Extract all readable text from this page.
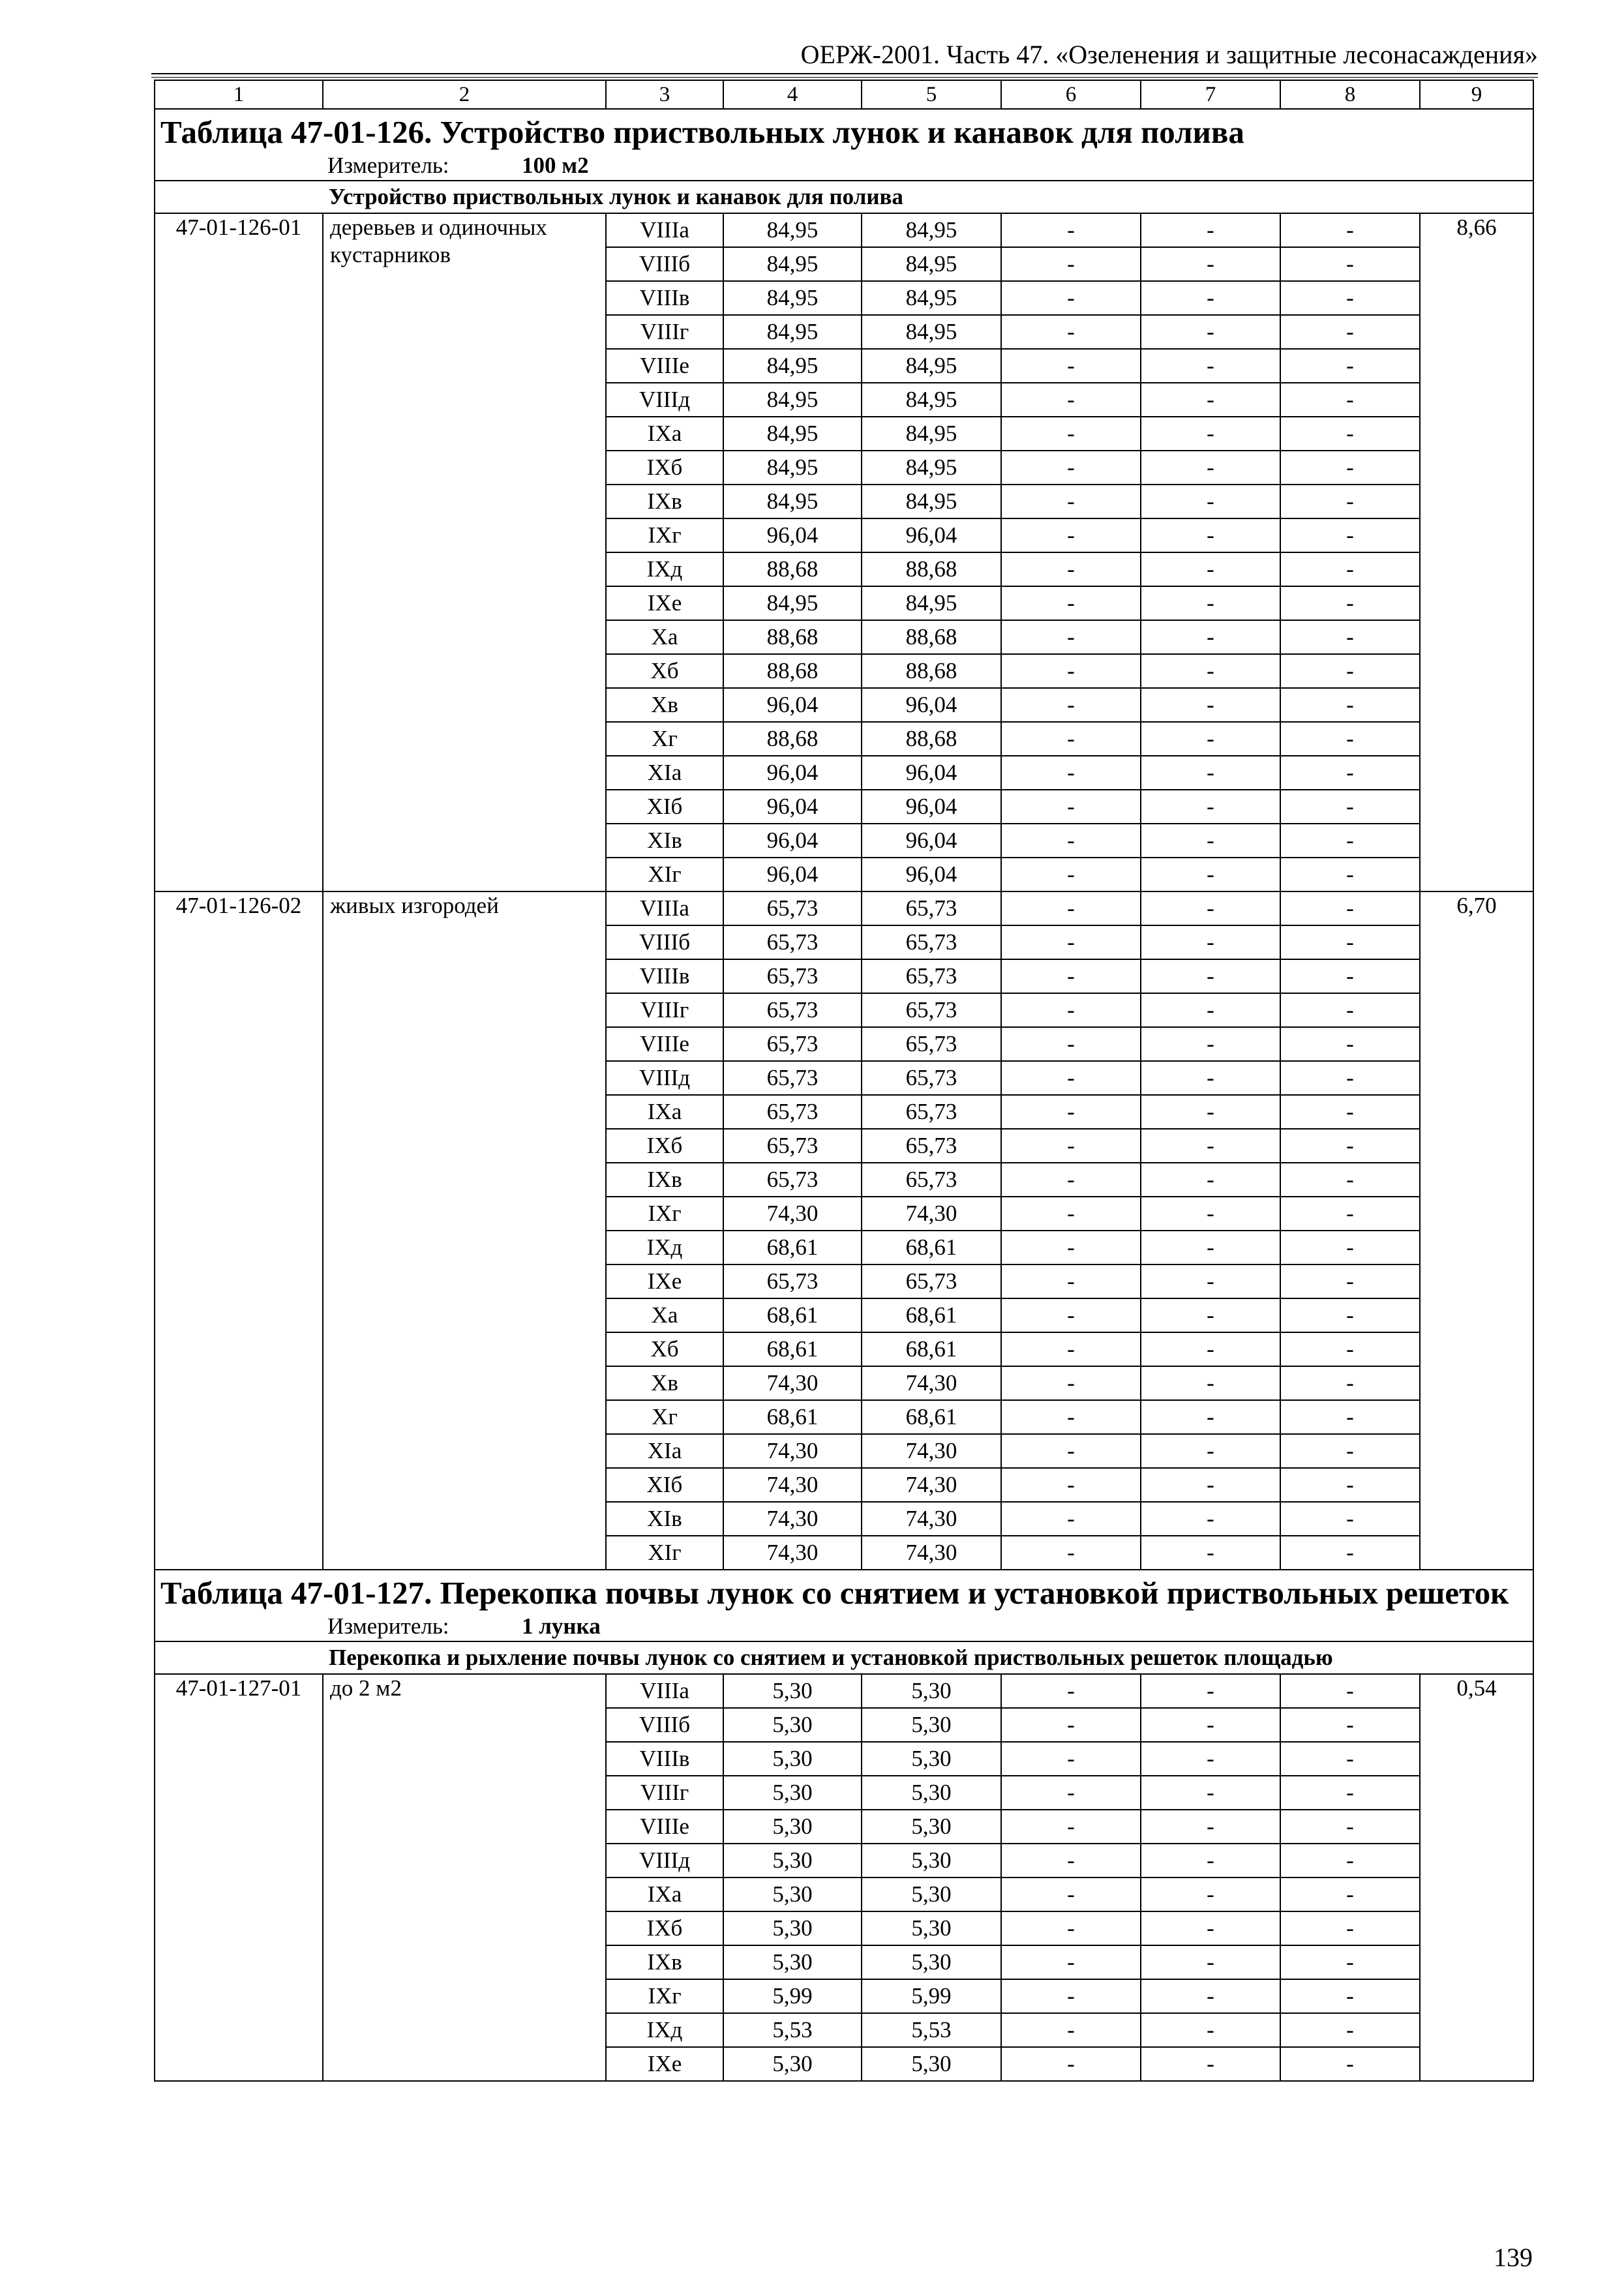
ОЕРЖ-2001. Часть 47. «Озеленения и защитные лесонасаждения»
1	2	3	4	5	6	7	8	9

Таблица 47-01-126. Устройство приствольных лунок и канавок для полива
Измеритель: 100 м2								

Устройство приствольных лунок и канавок для полива								
47-01-126-01	деревьев и одиночных кустарников	VIIIа	84,95	84,95	-	-	-	8,66
		VIIIб	84,95	84,95	-	-	-	
		VIIIв	84,95	84,95	-	-	-	
		VIIIг	84,95	84,95	-	-	-	
		VIIIе	84,95	84,95	-	-	-	
		VIIIд	84,95	84,95	-	-	-	
		IXа	84,95	84,95	-	-	-	
		IXб	84,95	84,95	-	-	-	
		IXв	84,95	84,95	-	-	-	
		IXг	96,04	96,04	-	-	-	
		IXд	88,68	88,68	-	-	-	
		IXе	84,95	84,95	-	-	-	
		Xа	88,68	88,68	-	-	-	
		Xб	88,68	88,68	-	-	-	
		Xв	96,04	96,04	-	-	-	
		Xг	88,68	88,68	-	-	-	
		XIа	96,04	96,04	-	-	-	
		XIб	96,04	96,04	-	-	-	
		XIв	96,04	96,04	-	-	-	
		XIг	96,04	96,04	-	-	-	
47-01-126-02	живых изгородей	VIIIа	65,73	65,73	-	-	-	6,70
		VIIIб	65,73	65,73	-	-	-	
		VIIIв	65,73	65,73	-	-	-	
		VIIIг	65,73	65,73	-	-	-	
		VIIIе	65,73	65,73	-	-	-	
		VIIIд	65,73	65,73	-	-	-	
		IXа	65,73	65,73	-	-	-	
		IXб	65,73	65,73	-	-	-	
		IXв	65,73	65,73	-	-	-	
		IXг	74,30	74,30	-	-	-	
		IXд	68,61	68,61	-	-	-	
		IXе	65,73	65,73	-	-	-	
		Xа	68,61	68,61	-	-	-	
		Xб	68,61	68,61	-	-	-	
		Xв	74,30	74,30	-	-	-	
		Xг	68,61	68,61	-	-	-	
		XIа	74,30	74,30	-	-	-	
		XIб	74,30	74,30	-	-	-	
		XIв	74,30	74,30	-	-	-	
		XIг	74,30	74,30	-	-	-	

Таблица 47-01-127. Перекопка почвы лунок со снятием и установкой приствольных решеток
Измеритель: 1 лунка								

Перекопка и рыхление почвы лунок со снятием и установкой приствольных решеток площадью								
47-01-127-01	до 2 м2	VIIIа	5,30	5,30	-	-	-	0,54
		VIIIб	5,30	5,30	-	-	-	
		VIIIв	5,30	5,30	-	-	-	
		VIIIг	5,30	5,30	-	-	-	
		VIIIе	5,30	5,30	-	-	-	
		VIIIд	5,30	5,30	-	-	-	
		IXа	5,30	5,30	-	-	-	
		IXб	5,30	5,30	-	-	-	
		IXв	5,30	5,30	-	-	-	
		IXг	5,99	5,99	-	-	-	
		IXд	5,53	5,53	-	-	-	
		IXе	5,30	5,30	-	-	-	
139
